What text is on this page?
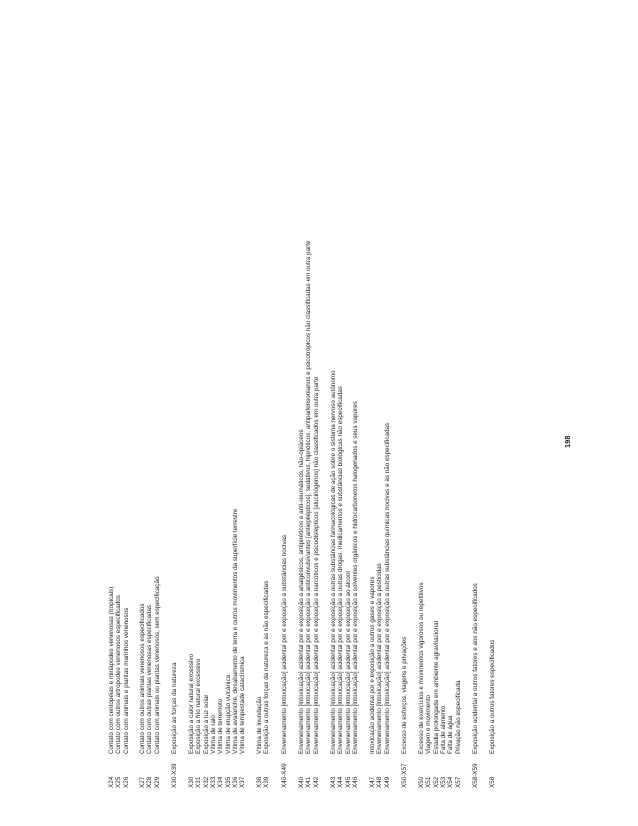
X24
Contato com centopéias e miriápodes venenosas (tropicais)
X25
Contato com outros artrópodes venenosos especificados
X26
Contato com animais e plantas marinhos venenosos
X27
Contato com outros animais venenosos especificados
X28
Contato com outras plantas venenosas especificadas
X29
Contato com animais ou plantas venenosos, sem especificação
X30-X39
Exposição às forças da natureza
X30
Exposição a calor natural excessivo
X31
Exposição a frio natural excessivo
X32
Exposição à luz solar
X33
Vítima de raio
X34
Vítima de terremoto
X35
Vítima de erupção vulcânica
X36
Vítima de avalanche, desabamento de terra e outros movimentos da superfície terrestre
X37
Vítima de tempestade cataclísmica
X38
Vítima de inundação
X39
Exposição a outras forças da natureza e às não especificadas
X40-X49
Envenenamento [intoxicação] acidental por e exposição à substâncias nocivas
X40
Envenenamento [intoxicação] acidental por e exposição a analgésicos, antipiréticos e anti-reumáticos, não-opiáceos
X41
Envenenamento [intoxicação] acidental por e exposição a anticonvulsivantes [antiepilépticos], sedativos, hipnóticos, antiparkinsonianos e psicotrópicos não classificadas em outra parte
X42
Envenenamento [intoxicação] acidental por e exposição a narcóticos e psicodislépticos [alucinógenos] não classificados em outra parte
X43
Envenenamento [intoxicação] acidental por e exposição a outras substâncias farmacológicas de ação sobre o sistema nervoso autônomo
X44
Envenenamento [intoxicação] acidental por e exposição a outras drogas, medicamentos e substâncias biológicas não especificadas
X45
Envenenamento [intoxicação] acidental por e exposição ao álcool
X46
Envenenamento [intoxicação] acidental por e exposição a solventes orgânicos e hidrocarbonetos halogenados e seus vapores
X47
Intoxicação acidental por e exposição a outros gases e vapores
X48
Envenenamento [intoxicação] acidental por e exposição a pesticidas
X49
Envenenamento [intoxicação] acidental por e exposição a outras substâncias químicas nocivas e às não especificadas
X50-X57
Excesso de esforços, viagens e privações
X50
Excesso de exercícios e movimentos vigorosos ou repetitivos
X51
Viagem e movimento
X52
Estadia prolongada em ambiente agravitacional
X53
Falta de alimento
X54
Falta de água
X57
Privação não especificada
X58-X59
Exposição acidental a outros fatores e aos não especificados
X58
Exposição a outros fatores especificados
198
